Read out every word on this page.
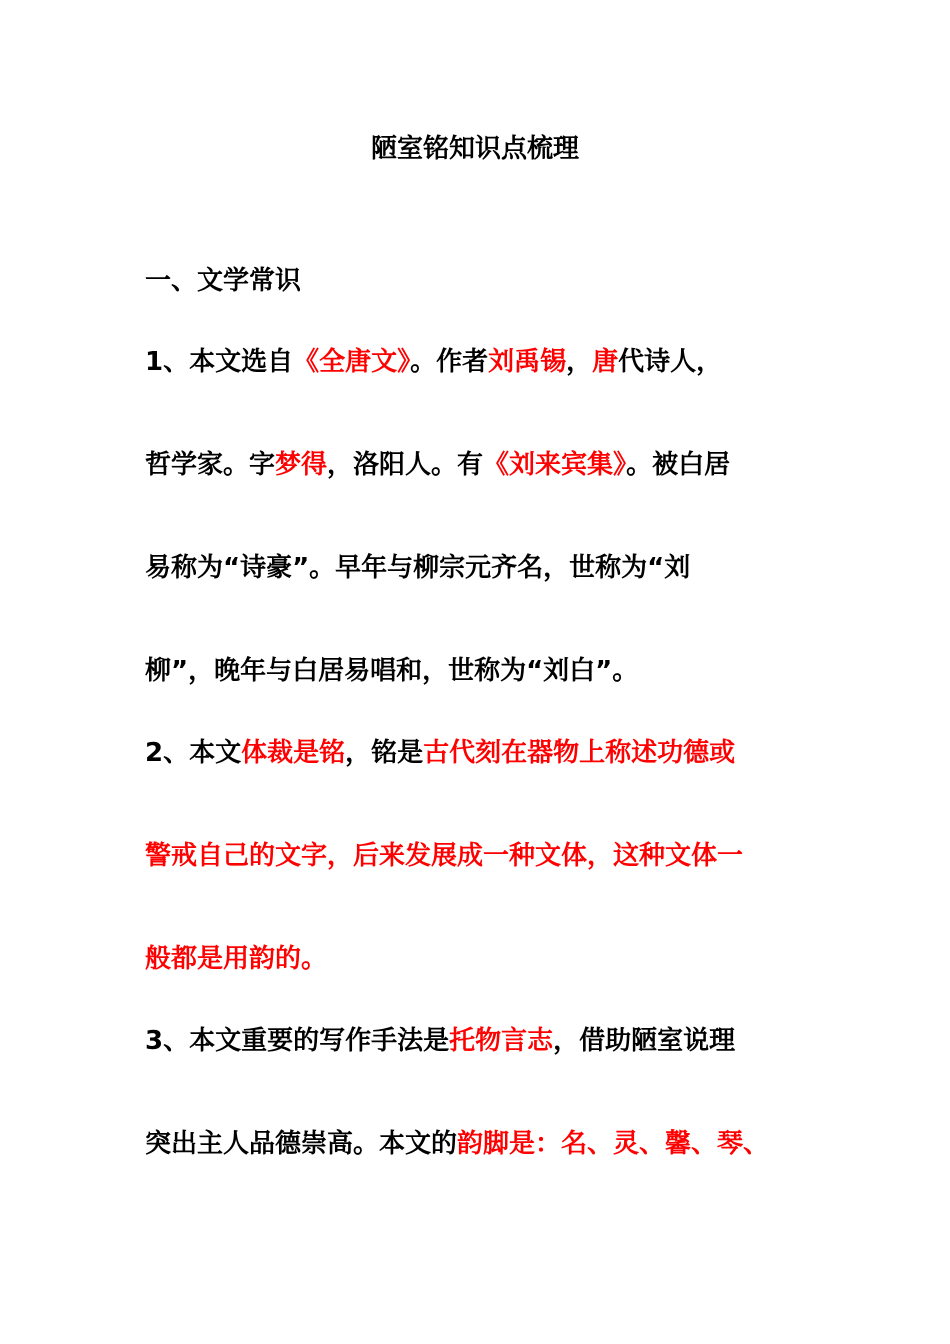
陋室铭知识点梳理
一、文学常识
1、本文选自《全唐文》。作者刘禹锡，唐代诗人，
哲学家。字梦得，洛阳人。有《刘来宾集》。被白居
易称为“诗豪”。早年与柳宗元齐名，世称为“刘
柳”，晚年与白居易唱和，世称为“刘白”。
2、本文体裁是铭，铭是古代刻在器物上称述功德或
警戒自己的文字，后来发展成一种文体，这种文体一
般都是用韵的。
3、本文重要的写作手法是托物言志，借助陋室说理
突出主人品德崇高。本文的韵脚是：名、灵、馨、琴、
